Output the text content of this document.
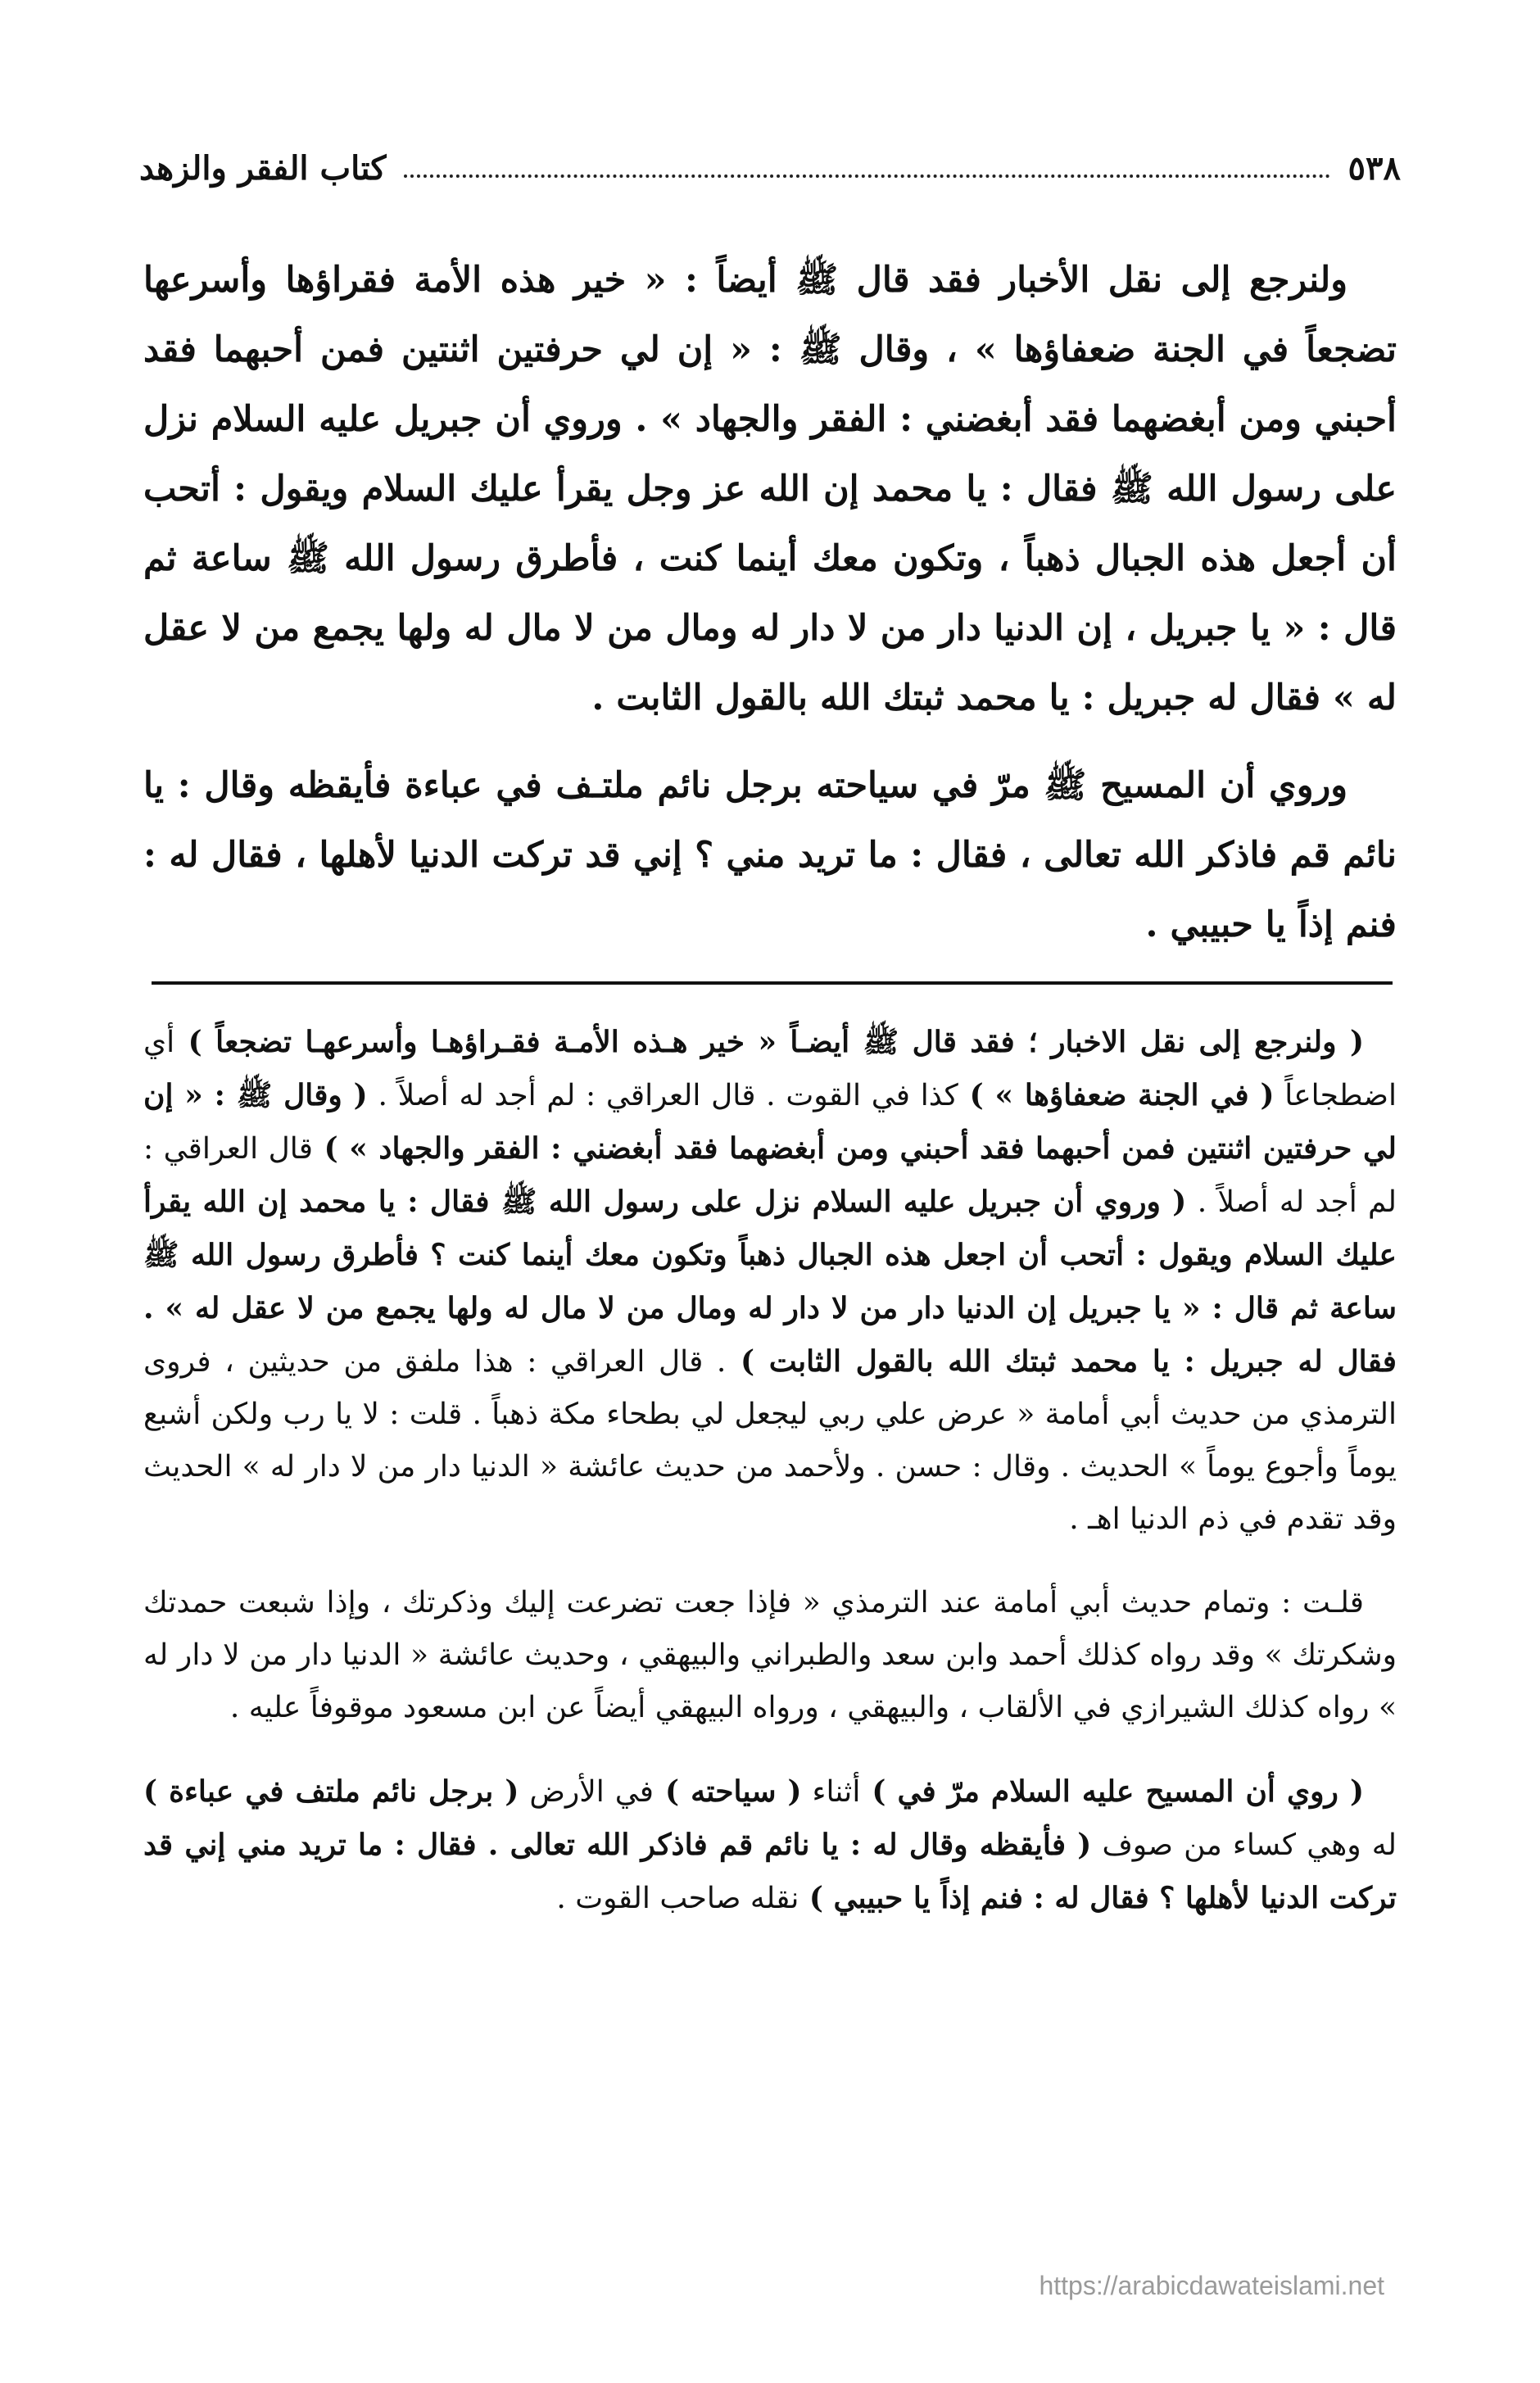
٥٣٨
كتاب الفقر والزهد

ولنرجع إلى نقل الأخبار فقد قال ﷺ أيضاً : « خير هذه الأمة فقراؤها وأسرعها تضجعاً في الجنة ضعفاؤها » ، وقال ﷺ : « إن لي حرفتين اثنتين فمن أحبهما فقد أحبني ومن أبغضهما فقد أبغضني : الفقر والجهاد » . وروي أن جبريل عليه السلام نزل على رسول الله ﷺ فقال : يا محمد إن الله عز وجل يقرأ عليك السلام ويقول : أتحب أن أجعل هذه الجبال ذهباً ، وتكون معك أينما كنت ، فأطرق رسول الله ﷺ ساعة ثم قال : « يا جبريل ، إن الدنيا دار من لا دار له ومال من لا مال له ولها يجمع من لا عقل له » فقال له جبريل : يا محمد ثبتك الله بالقول الثابت .

وروي أن المسيح ﷺ مرّ في سياحته برجل نائم ملتـف في عباءة فأيقظه وقال : يا نائم قم فاذكر الله تعالى ، فقال : ما تريد مني ؟ إني قد تركت الدنيا لأهلها ، فقال له : فنم إذاً يا حبيبي .

( ولنرجع إلى نقل الاخبار ؛ فقد قال ﷺ أيضـاً « خير هـذه الأمـة فقـراؤهـا وأسرعهـا تضجعاً ) أي اضطجاعاً ( في الجنة ضعفاؤها » ) كذا في القوت . قال العراقي : لم أجد له أصلاً . ( وقال ﷺ : « إن لي حرفتين اثنتين فمن أحبهما فقد أحبني ومن أبغضهما فقد أبغضني : الفقر والجهاد » ) قال العراقي : لم أجد له أصلاً . ( وروي أن جبريل عليه السلام نزل على رسول الله ﷺ فقال : يا محمد إن الله يقرأ عليك السلام ويقول : أتحب أن اجعل هذه الجبال ذهباً وتكون معك أينما كنت ؟ فأطرق رسول الله ﷺ ساعة ثم قال : « يا جبريل إن الدنيا دار من لا دار له ومال من لا مال له ولها يجمع من لا عقل له » . فقال له جبريل : يا محمد ثبتك الله بالقول الثابت ) . قال العراقي : هذا ملفق من حديثين ، فروى الترمذي من حديث أبي أمامة « عرض علي ربي ليجعل لي بطحاء مكة ذهباً . قلت : لا يا رب ولكن أشبع يوماً وأجوع يوماً » الحديث . وقال : حسن . ولأحمد من حديث عائشة « الدنيا دار من لا دار له » الحديث وقد تقدم في ذم الدنيا اهـ .

قلـت : وتمام حديث أبي أمامة عند الترمذي « فإذا جعت تضرعت إليك وذكرتك ، وإذا شبعت حمدتك وشكرتك » وقد رواه كذلك أحمد وابن سعد والطبراني والبيهقي ، وحديث عائشة « الدنيا دار من لا دار له » رواه كذلك الشيرازي في الألقاب ، والبيهقي ، ورواه البيهقي أيضاً عن ابن مسعود موقوفاً عليه .

( روي أن المسيح عليه السلام مرّ في ) أثناء ( سياحته ) في الأرض ( برجل نائم ملتف في عباءة ) له وهي كساء من صوف ( فأيقظه وقال له : يا نائم قم فاذكر الله تعالى . فقال : ما تريد مني إني قد تركت الدنيا لأهلها ؟ فقال له : فنم إذاً يا حبيبي ) نقله صاحب القوت .

https://arabicdawateislami.net
